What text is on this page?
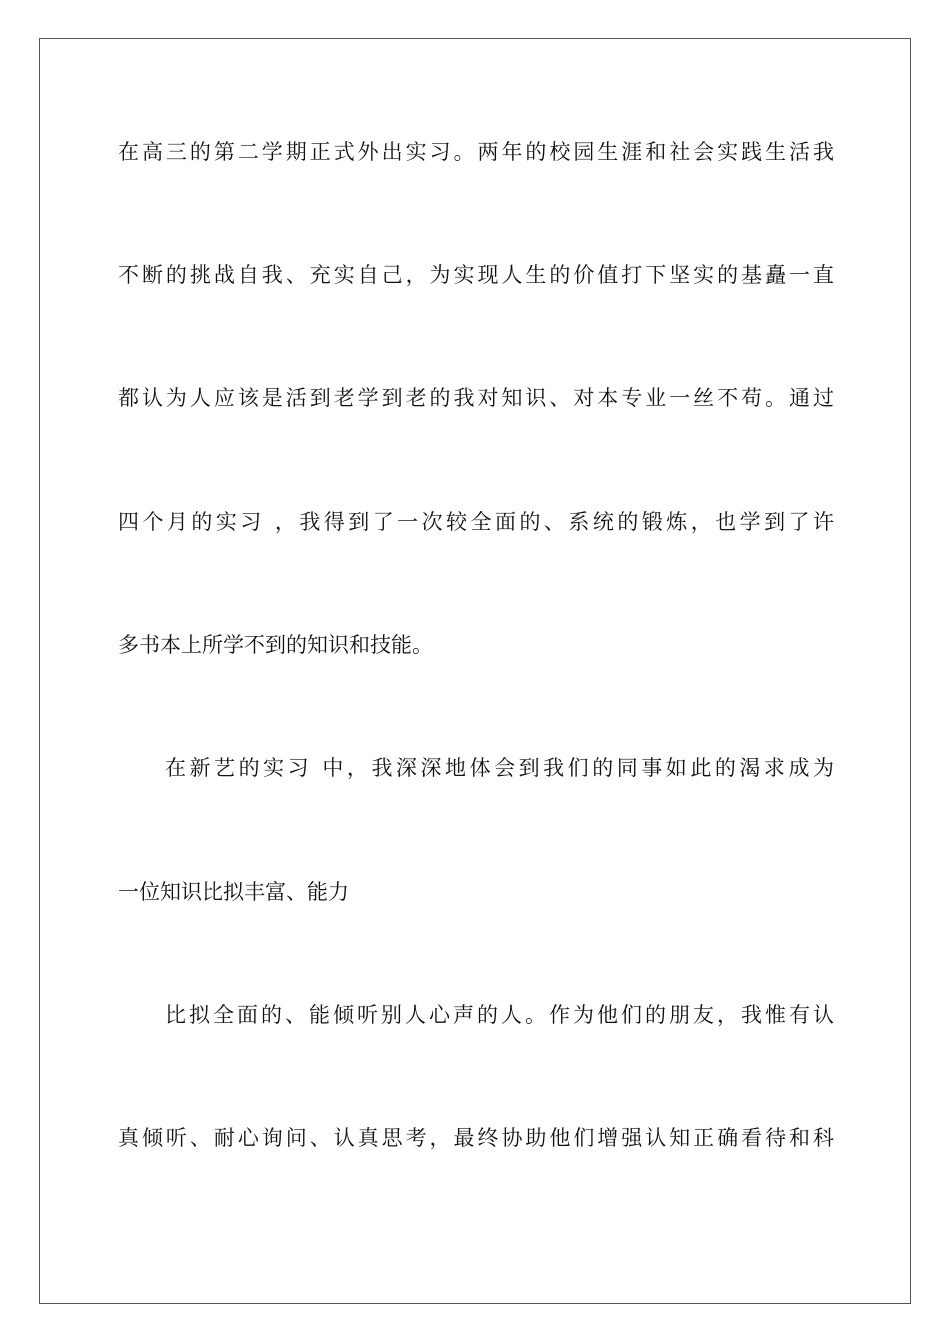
在高三的第二学期正式外出实习。两年的校园生涯和社会实践生活我
不断的挑战自我、充实自己，为实现人生的价值打下坚实的基矗一直
都认为人应该是活到老学到老的我对知识、对本专业一丝不苟。通过
四个月的实习 ，我得到了一次较全面的、系统的锻炼，也学到了许
多书本上所学不到的知识和技能。
在新艺的实习 中，我深深地体会到我们的同事如此的渴求成为
一位知识比拟丰富、能力
比拟全面的、能倾听别人心声的人。作为他们的朋友，我惟有认
真倾听、耐心询问、认真思考，最终协助他们增强认知正确看待和科
